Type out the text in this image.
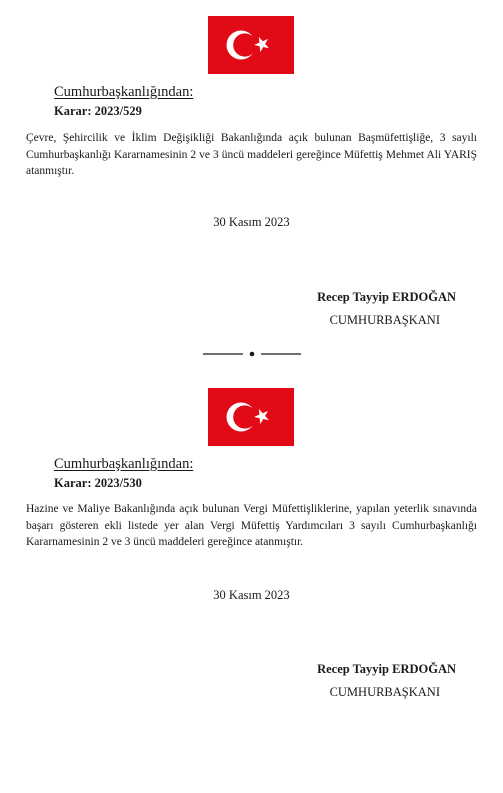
Cumhurbaşkanlığından:
Karar: 2023/529

Çevre, Şehircilik ve İklim Değişikliği Bakanlığında açık bulunan Başmüfettişliğe, 3 sayılı Cumhurbaşkanlığı Kararnamesinin 2 ve 3 üncü maddeleri gereğince Müfettiş Mehmet Ali YARIŞ atanmıştır.

30 Kasım 2023
Recep Tayyip ERDOĞAN
CUMHURBAŞKANI
Cumhurbaşkanlığından:
Karar: 2023/530

Hazine ve Maliye Bakanlığında açık bulunan Vergi Müfettişliklerine, yapılan yeterlik sınavında başarı gösteren ekli listede yer alan Vergi Müfettiş Yardımcıları 3 sayılı Cumhurbaşkanlığı Kararnamesinin 2 ve 3 üncü maddeleri gereğince atanmıştır.

30 Kasım 2023
Recep Tayyip ERDOĞAN
CUMHURBAŞKANI
